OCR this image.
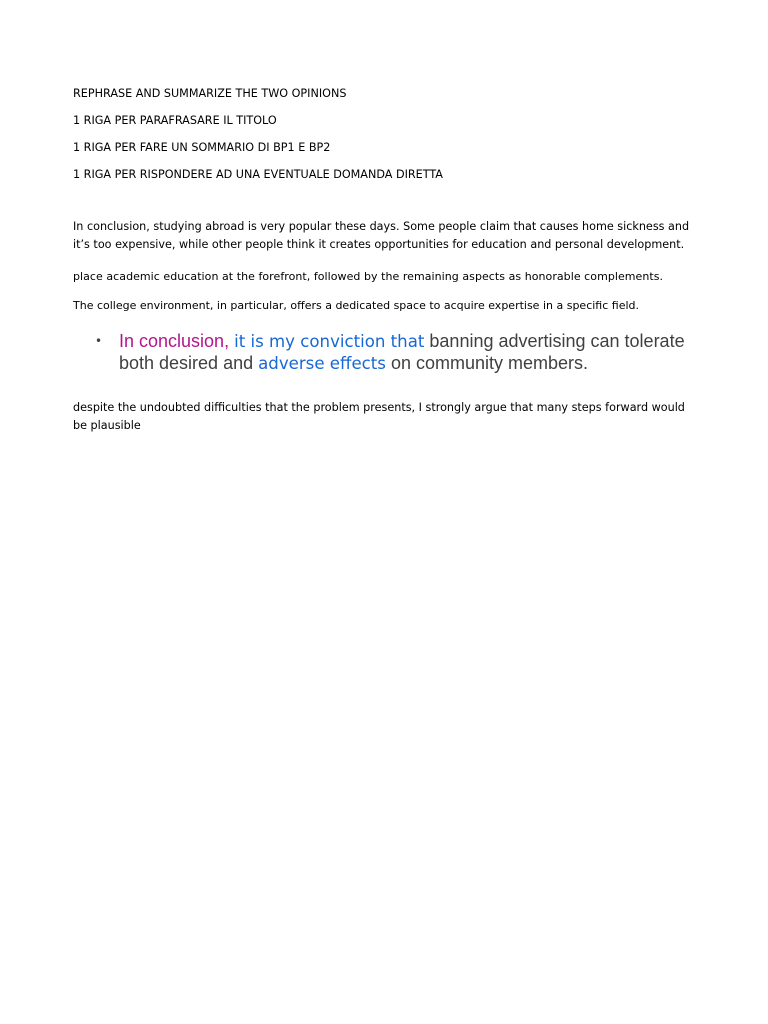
REPHRASE AND SUMMARIZE THE TWO OPINIONS
1 RIGA PER PARAFRASARE IL TITOLO
1 RIGA PER FARE UN SOMMARIO DI BP1 E BP2
1 RIGA PER RISPONDERE AD UNA EVENTUALE DOMANDA DIRETTA

In conclusion, studying abroad is very popular these days. Some people claim that causes home sickness and it’s too expensive, while other people think it creates opportunities for education and personal development.

place academic education at the forefront, followed by the remaining aspects as honorable complements.

The college environment, in particular, offers a dedicated space to acquire expertise in a specific field.

• In conclusion, it is my conviction that banning advertising can tolerate both desired and adverse effects on community members.

despite the undoubted difficulties that the problem presents, I strongly argue that many steps forward would be plausible
